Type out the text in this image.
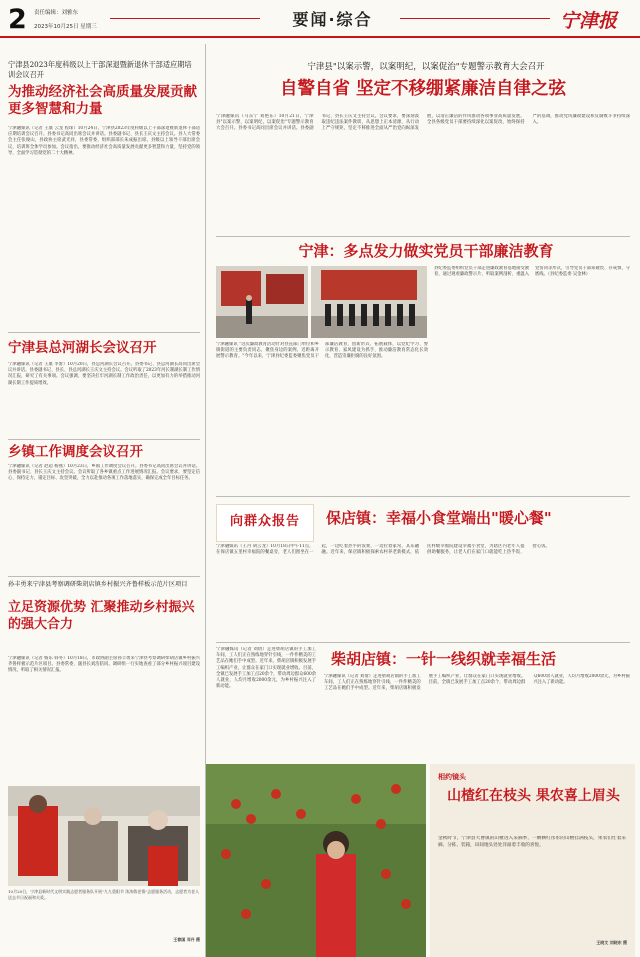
2 责任编辑：刘雅东
2023年10月25日 星期三	要闻·综合	宁津报
宁津县2023年度科级以上干部深退暨新退休干部适应期培训会议召开
为推动经济社会高质量发展贡献更多智慧和力量
宁津融媒讯（记者 王康 云龙 程琛）10月24日，宁津县2023年度科级以上干部深退暨新退休干部适应期培训会议召开。县委书记高同出席会议并讲话。县委副书记、县长王庆文主持会议。县人大常委会主任张俊山，县政协主席武光祥，县委常委，组织部部长朱成振出席。县级以上领导干部出席会议，培训班全体学员参加。会议指出，要推动经济社会高质量发展贡献更多智慧和力量，坚持党的领导，全面学习贯彻党的二十大精神。
宁津县总河湖长会议召开
宁津融媒讯（记者 王康 李蕾）10月20日，县总河湖长会议召开。县委书记、县总河湖长高同出席会议并讲话。县委副书记、县长、县总河湖长王庆文主持会议。会议听取了2023年河长制湖长制工作情况汇报，研究了有关事项。会议强调，要坚决扛牢河湖长制工作政治责任，以更加有力的举措推动河湖长制工作提质增效。
乡镇工作调度会议召开
宁津融媒讯（记者 赵超 杨燕）10月23日，乡镇工作调度会议召开。县委书记高同出席会议并讲话。县委副书记、县长王庆文主持会议。会议听取了各乡镇重点工作进展情况汇报。会议要求，要坚定信心、保持定力，锚定目标、攻坚突破，全力以赴推动各项工作落地落实，确保完成全年目标任务。
孙丰勇来宁津县考察调研柴胡店镇乡村振兴齐鲁样板示范片区项目
立足资源优势 汇聚推动乡村振兴的强大合力
宁津融媒讯（记者 杨乐 韩冬）10月18日，市政协副主席孙丰勇来宁津县考察调研柴胡店镇乡村振兴齐鲁样板示范片区项目。县委常委、副县长刘浩陪同。调研组一行实地查看了部分乡村振兴项目建设情况，听取了相关情况汇报。
10月20日，宁津县新时代文明实践志愿者服务队开展"九九重阳节 浓浓敬老情"志愿服务活动，志愿者为老人送去节日祝福和关爱。
王春国 邓丹 摄
宁津县"以案示警，以案明纪，以案促治"专题警示教育大会召开
自警自省 坚定不移绷紧廉洁自律之弦
宁津融媒讯（马东宁 刘艳东）10月21日，宁津县"以案示警，以案明纪，以案促治"专题警示教育大会召开。县委书记高同出席会议并讲话。县委副书记、县长王庆文主持会议。会议要求，要深刻汲取违纪违法案件教训，从思想上正本清源，从行动上严守规矩，坚定不移推进全面从严治党向纵深发展，以清正廉洁的作风推动各项事业高质量发展。全县各级党员干部要持续深化以案促改，始终保持严的基调，推动党风廉政建设和反腐败斗争持续深入。
宁津：多点发力做实党员干部廉洁教育
宁津融媒讯 "这次廉政教育活动针对县直部门单位和乡镇街道的主要负责同志，聚焦身边的案例，近距离开展警示教育。"今年以来，宁津县纪委监委聚焦党员干部廉洁教育，创新形式、拓展载体，以党纪学习、警示教育、家风建设为抓手，推动廉洁教育常态化长效化，营造崇廉拒腐的良好氛围。
县纪委监委组织党员干部走进廉政教育基地接受教育，通过观看廉政警示片、听取案例剖析、重温入党誓词等形式，引导党员干部知敬畏、存戒惧、守底线。（县纪委监委 吴金林）
向群众报告	保店镇：幸福小食堂端出"暖心餐"
宁津融媒讯（王丹 胡云龙）10月18日中午11点，在保店镇五里村幸福院的餐桌旁，老人们围坐在一起，一边吃着热乎的饭菜，一边拉着家常，其乐融融。近年来，保店镇积极探索农村养老新模式，依托村级幸福院建设幸福小食堂，为辖区内老年人提供助餐服务，让老人们在家门口就能吃上热乎饭、舒心饭。
宁津融媒讯（记者 刘倩）走进柴胡店镇的手工加工车间，工人们正在熟练地穿针引线，一件件精美的工艺品在她们手中成型。近年来，柴胡店镇积极发展手工编织产业，让群众在家门口实现就业增收。目前，全镇已发展手工加工点20余个，带动周边群众600余人就业，人均月增收2000余元，为乡村振兴注入了新动能。
柴胡店镇：一针一线织就幸福生活
宁津融媒讯（记者 刘倩）走进柴胡店镇的手工加工车间，工人们正在熟练地穿针引线，一件件精美的工艺品在她们手中成型。近年来，柴胡店镇积极发展手工编织产业，让群众在家门口实现就业增收。目前，全镇已发展手工加工点20余个，带动周边群众600余人就业，人均月增收2000余元，为乡村振兴注入了新动能。
相约镜头
山楂红在枝头 果农喜上眉头
金秋时节，宁津县大曹镇的山楂进入采摘季，一颗颗红彤彤的山楂挂满枝头，果农们忙着采摘、分拣、装箱，田间地头处处洋溢着丰收的喜悦。
王晓文 刘晓东 摄
